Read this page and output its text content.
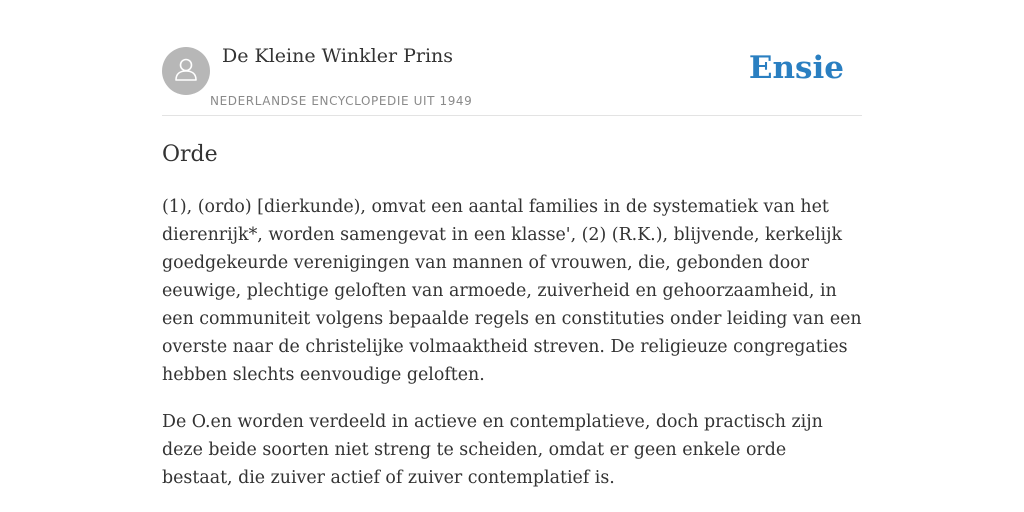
De Kleine Winkler Prins
NEDERLANDSE ENCYCLOPEDIE UIT 1949
Ensie
Orde

(1), (ordo) [dierkunde), omvat een aantal families in de systematiek van het dierenrijk*, worden samengevat in een klasse', (2) (R.K.), blijvende, kerkelijk goedgekeurde verenigingen van mannen of vrouwen, die, gebonden door eeuwige, plechtige geloften van armoede, zuiverheid en gehoorzaamheid, in een communiteit volgens bepaalde regels en constituties onder leiding van een overste naar de christelijke volmaaktheid streven. De religieuze congregaties hebben slechts eenvoudige geloften.

De O.en worden verdeeld in actieve en contemplatieve, doch practisch zijn deze beide soorten niet streng te scheiden, omdat er geen enkele orde bestaat, die zuiver actief of zuiver contemplatief is.
